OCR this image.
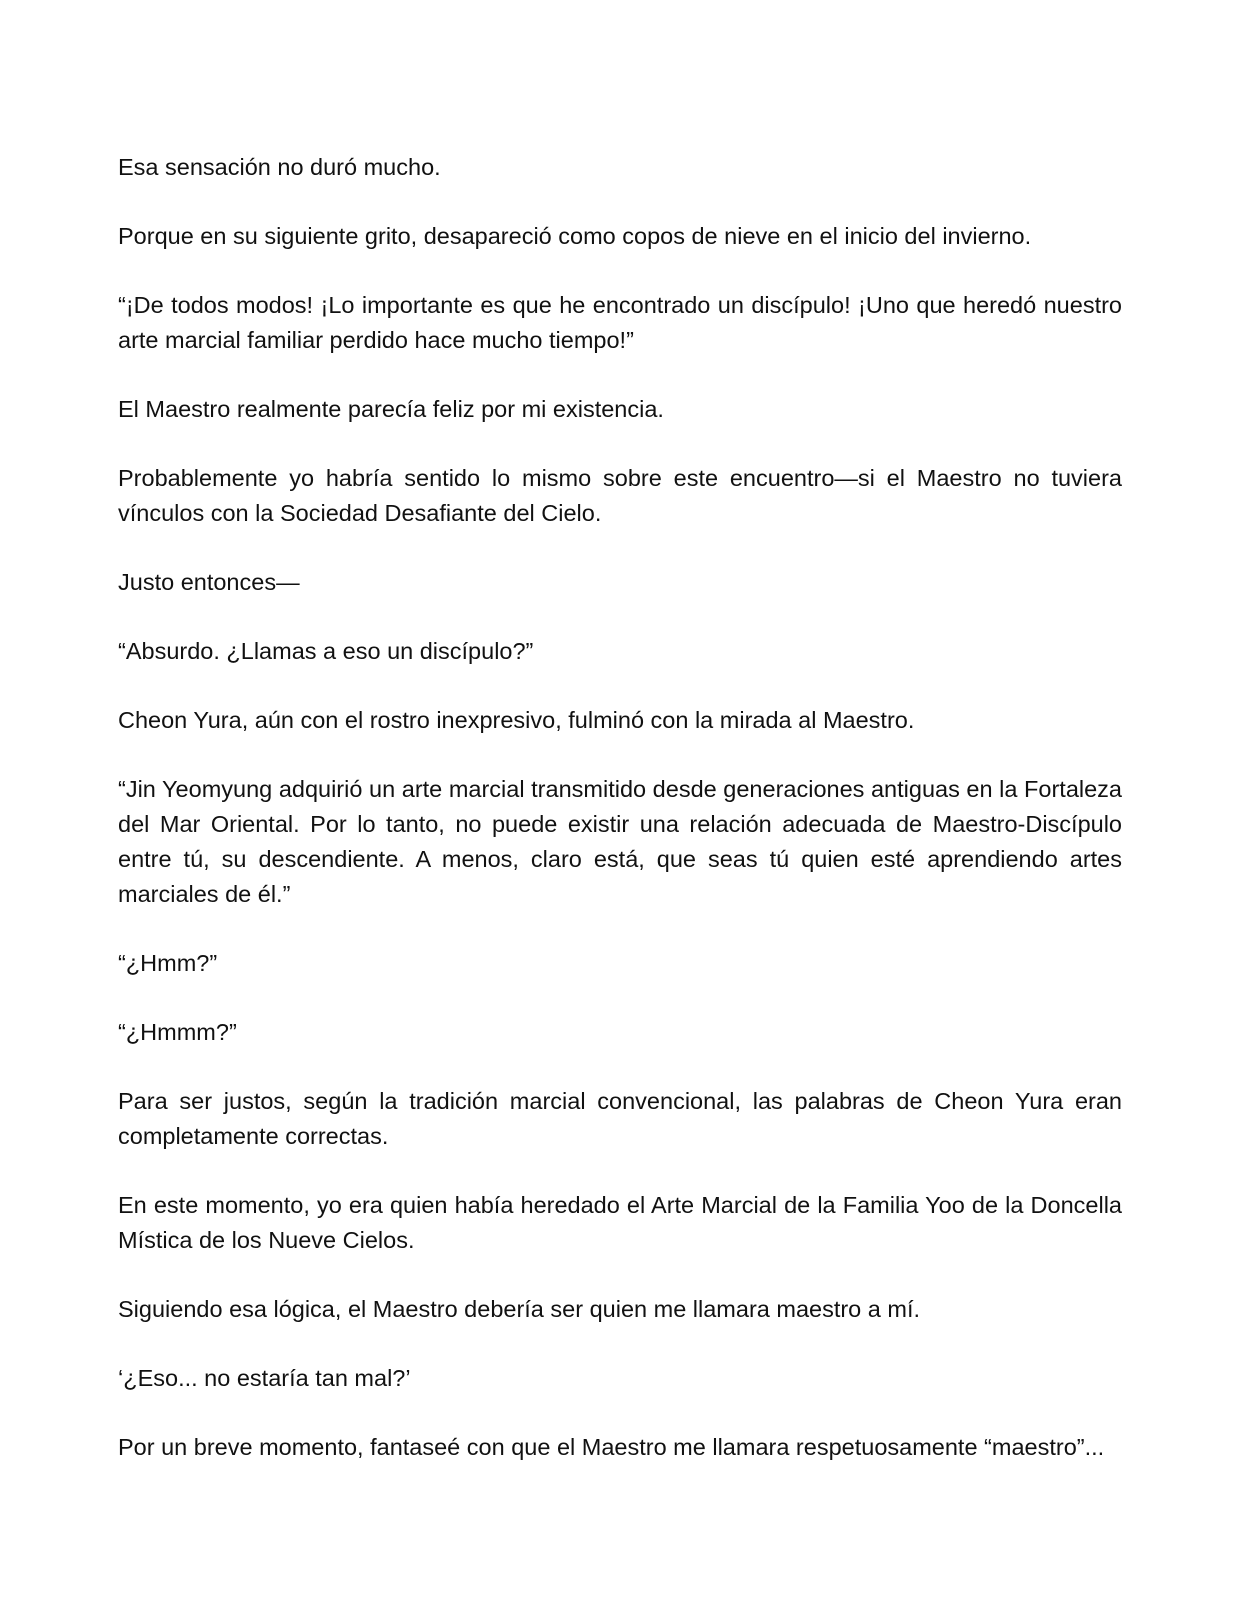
Esa sensación no duró mucho.

Porque en su siguiente grito, desapareció como copos de nieve en el inicio del invierno.

“¡De todos modos! ¡Lo importante es que he encontrado un discípulo! ¡Uno que heredó nuestro arte marcial familiar perdido hace mucho tiempo!”

El Maestro realmente parecía feliz por mi existencia.

Probablemente yo habría sentido lo mismo sobre este encuentro—si el Maestro no tuviera vínculos con la Sociedad Desafiante del Cielo.

Justo entonces—

“Absurdo. ¿Llamas a eso un discípulo?”

Cheon Yura, aún con el rostro inexpresivo, fulminó con la mirada al Maestro.

“Jin Yeomyung adquirió un arte marcial transmitido desde generaciones antiguas en la Fortaleza del Mar Oriental. Por lo tanto, no puede existir una relación adecuada de Maestro-Discípulo entre tú, su descendiente. A menos, claro está, que seas tú quien esté aprendiendo artes marciales de él.”

“¿Hmm?”

“¿Hmmm?”

Para ser justos, según la tradición marcial convencional, las palabras de Cheon Yura eran completamente correctas.

En este momento, yo era quien había heredado el Arte Marcial de la Familia Yoo de la Doncella Mística de los Nueve Cielos.

Siguiendo esa lógica, el Maestro debería ser quien me llamara maestro a mí.

‘¿Eso... no estaría tan mal?’

Por un breve momento, fantaseé con que el Maestro me llamara respetuosamente “maestro”...
